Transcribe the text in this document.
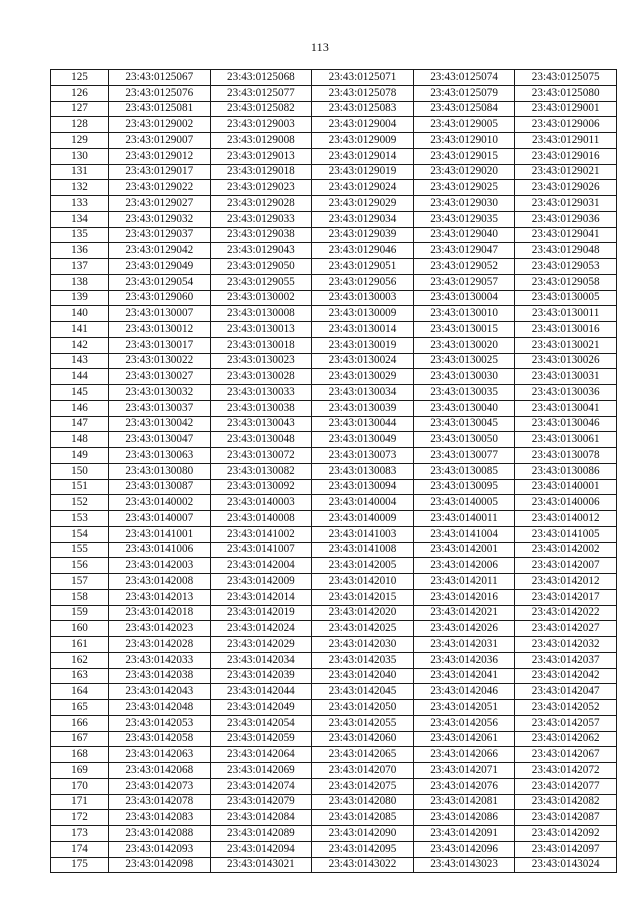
113
125	23:43:0125067	23:43:0125068	23:43:0125071	23:43:0125074	23:43:0125075
126	23:43:0125076	23:43:0125077	23:43:0125078	23:43:0125079	23:43:0125080
127	23:43:0125081	23:43:0125082	23:43:0125083	23:43:0125084	23:43:0129001
128	23:43:0129002	23:43:0129003	23:43:0129004	23:43:0129005	23:43:0129006
129	23:43:0129007	23:43:0129008	23:43:0129009	23:43:0129010	23:43:0129011
130	23:43:0129012	23:43:0129013	23:43:0129014	23:43:0129015	23:43:0129016
131	23:43:0129017	23:43:0129018	23:43:0129019	23:43:0129020	23:43:0129021
132	23:43:0129022	23:43:0129023	23:43:0129024	23:43:0129025	23:43:0129026
133	23:43:0129027	23:43:0129028	23:43:0129029	23:43:0129030	23:43:0129031
134	23:43:0129032	23:43:0129033	23:43:0129034	23:43:0129035	23:43:0129036
135	23:43:0129037	23:43:0129038	23:43:0129039	23:43:0129040	23:43:0129041
136	23:43:0129042	23:43:0129043	23:43:0129046	23:43:0129047	23:43:0129048
137	23:43:0129049	23:43:0129050	23:43:0129051	23:43:0129052	23:43:0129053
138	23:43:0129054	23:43:0129055	23:43:0129056	23:43:0129057	23:43:0129058
139	23:43:0129060	23:43:0130002	23:43:0130003	23:43:0130004	23:43:0130005
140	23:43:0130007	23:43:0130008	23:43:0130009	23:43:0130010	23:43:0130011
141	23:43:0130012	23:43:0130013	23:43:0130014	23:43:0130015	23:43:0130016
142	23:43:0130017	23:43:0130018	23:43:0130019	23:43:0130020	23:43:0130021
143	23:43:0130022	23:43:0130023	23:43:0130024	23:43:0130025	23:43:0130026
144	23:43:0130027	23:43:0130028	23:43:0130029	23:43:0130030	23:43:0130031
145	23:43:0130032	23:43:0130033	23:43:0130034	23:43:0130035	23:43:0130036
146	23:43:0130037	23:43:0130038	23:43:0130039	23:43:0130040	23:43:0130041
147	23:43:0130042	23:43:0130043	23:43:0130044	23:43:0130045	23:43:0130046
148	23:43:0130047	23:43:0130048	23:43:0130049	23:43:0130050	23:43:0130061
149	23:43:0130063	23:43:0130072	23:43:0130073	23:43:0130077	23:43:0130078
150	23:43:0130080	23:43:0130082	23:43:0130083	23:43:0130085	23:43:0130086
151	23:43:0130087	23:43:0130092	23:43:0130094	23:43:0130095	23:43:0140001
152	23:43:0140002	23:43:0140003	23:43:0140004	23:43:0140005	23:43:0140006
153	23:43:0140007	23:43:0140008	23:43:0140009	23:43:0140011	23:43:0140012
154	23:43:0141001	23:43:0141002	23:43:0141003	23:43:0141004	23:43:0141005
155	23:43:0141006	23:43:0141007	23:43:0141008	23:43:0142001	23:43:0142002
156	23:43:0142003	23:43:0142004	23:43:0142005	23:43:0142006	23:43:0142007
157	23:43:0142008	23:43:0142009	23:43:0142010	23:43:0142011	23:43:0142012
158	23:43:0142013	23:43:0142014	23:43:0142015	23:43:0142016	23:43:0142017
159	23:43:0142018	23:43:0142019	23:43:0142020	23:43:0142021	23:43:0142022
160	23:43:0142023	23:43:0142024	23:43:0142025	23:43:0142026	23:43:0142027
161	23:43:0142028	23:43:0142029	23:43:0142030	23:43:0142031	23:43:0142032
162	23:43:0142033	23:43:0142034	23:43:0142035	23:43:0142036	23:43:0142037
163	23:43:0142038	23:43:0142039	23:43:0142040	23:43:0142041	23:43:0142042
164	23:43:0142043	23:43:0142044	23:43:0142045	23:43:0142046	23:43:0142047
165	23:43:0142048	23:43:0142049	23:43:0142050	23:43:0142051	23:43:0142052
166	23:43:0142053	23:43:0142054	23:43:0142055	23:43:0142056	23:43:0142057
167	23:43:0142058	23:43:0142059	23:43:0142060	23:43:0142061	23:43:0142062
168	23:43:0142063	23:43:0142064	23:43:0142065	23:43:0142066	23:43:0142067
169	23:43:0142068	23:43:0142069	23:43:0142070	23:43:0142071	23:43:0142072
170	23:43:0142073	23:43:0142074	23:43:0142075	23:43:0142076	23:43:0142077
171	23:43:0142078	23:43:0142079	23:43:0142080	23:43:0142081	23:43:0142082
172	23:43:0142083	23:43:0142084	23:43:0142085	23:43:0142086	23:43:0142087
173	23:43:0142088	23:43:0142089	23:43:0142090	23:43:0142091	23:43:0142092
174	23:43:0142093	23:43:0142094	23:43:0142095	23:43:0142096	23:43:0142097
175	23:43:0142098	23:43:0143021	23:43:0143022	23:43:0143023	23:43:0143024
